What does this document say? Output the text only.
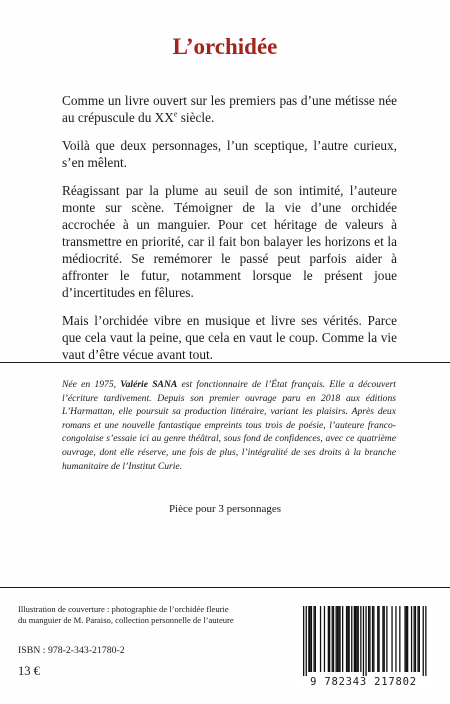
L’orchidée

Comme un livre ouvert sur les premiers pas d’une métisse née au crépuscule du XXe siècle.

Voilà que deux personnages, l’un sceptique, l’autre curieux, s’en mêlent.

Réagissant par la plume au seuil de son intimité, l’auteure monte sur scène. Témoigner de la vie d’une orchidée accrochée à un manguier. Pour cet héritage de valeurs à transmettre en priorité, car il fait bon balayer les horizons et la médiocrité. Se remémorer le passé peut parfois aider à affronter le futur, notamment lorsque le présent joue d’incertitudes en fêlures.

Mais l’orchidée vibre en musique et livre ses vérités. Parce que cela vaut la peine, que cela en vaut le coup. Comme la vie vaut d’être vécue avant tout.

Née en 1975, Valérie SANA est fonctionnaire de l’État français. Elle a découvert l’écriture tardivement. Depuis son premier ouvrage paru en 2018 aux éditions L’Harmattan, elle poursuit sa production littéraire, variant les plaisirs. Après deux romans et une nouvelle fantastique empreints tous trois de poésie, l’auteure franco-congolaise s’essaie ici au genre théâtral, sous fond de confidences, avec ce quatrième ouvrage, dont elle réserve, une fois de plus, l’intégralité de ses droits à la branche humanitaire de l’Institut Curie.

Pièce pour 3 personnages
Illustration de couverture : photographie de l’orchidée fleurie
du manguier de M. Paraiso, collection personnelle de l’auteure
ISBN : 978-2-343-21780-2
13 €
9 782343 217802
